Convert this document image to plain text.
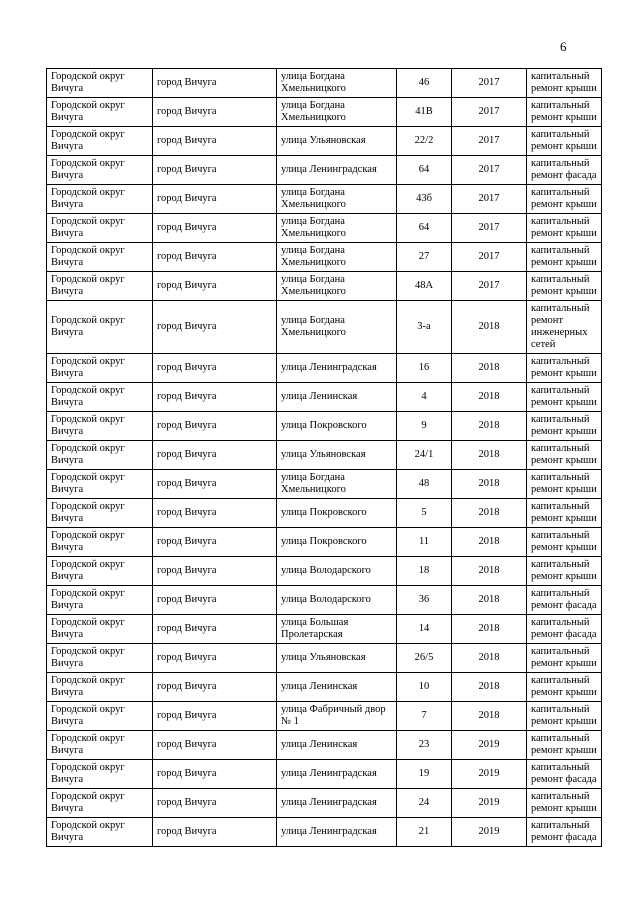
6
Городской округ Вичуга	город Вичуга	улица Богдана Хмельницкого	46	2017	капитальный ремонт крыши
Городской округ Вичуга	город Вичуга	улица Богдана Хмельницкого	41В	2017	капитальный ремонт крыши
Городской округ Вичуга	город Вичуга	улица Ульяновская	22/2	2017	капитальный ремонт крыши
Городской округ Вичуга	город Вичуга	улица Ленинградская	64	2017	капитальный ремонт фасада
Городской округ Вичуга	город Вичуга	улица Богдана Хмельницкого	43б	2017	капитальный ремонт крыши
Городской округ Вичуга	город Вичуга	улица Богдана Хмельницкого	64	2017	капитальный ремонт крыши
Городской округ Вичуга	город Вичуга	улица Богдана Хмельницкого	27	2017	капитальный ремонт крыши
Городской округ Вичуга	город Вичуга	улица Богдана Хмельницкого	48А	2017	капитальный ремонт крыши
Городской округ Вичуга	город Вичуга	улица Богдана Хмельницкого	3-а	2018	капитальный ремонт инженерных сетей
Городской округ Вичуга	город Вичуга	улица Ленинградская	16	2018	капитальный ремонт крыши
Городской округ Вичуга	город Вичуга	улица Ленинская	4	2018	капитальный ремонт крыши
Городской округ Вичуга	город Вичуга	улица Покровского	9	2018	капитальный ремонт крыши
Городской округ Вичуга	город Вичуга	улица Ульяновская	24/1	2018	капитальный ремонт крыши
Городской округ Вичуга	город Вичуга	улица Богдана Хмельницкого	48	2018	капитальный ремонт крыши
Городской округ Вичуга	город Вичуга	улица Покровского	5	2018	капитальный ремонт крыши
Городской округ Вичуга	город Вичуга	улица Покровского	11	2018	капитальный ремонт крыши
Городской округ Вичуга	город Вичуга	улица Володарского	18	2018	капитальный ремонт крыши
Городской округ Вичуга	город Вичуга	улица Володарского	36	2018	капитальный ремонт фасада
Городской округ Вичуга	город Вичуга	улица Большая Пролетарская	14	2018	капитальный ремонт фасада
Городской округ Вичуга	город Вичуга	улица Ульяновская	26/5	2018	капитальный ремонт крыши
Городской округ Вичуга	город Вичуга	улица Ленинская	10	2018	капитальный ремонт крыши
Городской округ Вичуга	город Вичуга	улица Фабричный двор № 1	7	2018	капитальный ремонт крыши
Городской округ Вичуга	город Вичуга	улица Ленинская	23	2019	капитальный ремонт крыши
Городской округ Вичуга	город Вичуга	улица Ленинградская	19	2019	капитальный ремонт фасада
Городской округ Вичуга	город Вичуга	улица Ленинградская	24	2019	капитальный ремонт крыши
Городской округ Вичуга	город Вичуга	улица Ленинградская	21	2019	капитальный ремонт фасада
